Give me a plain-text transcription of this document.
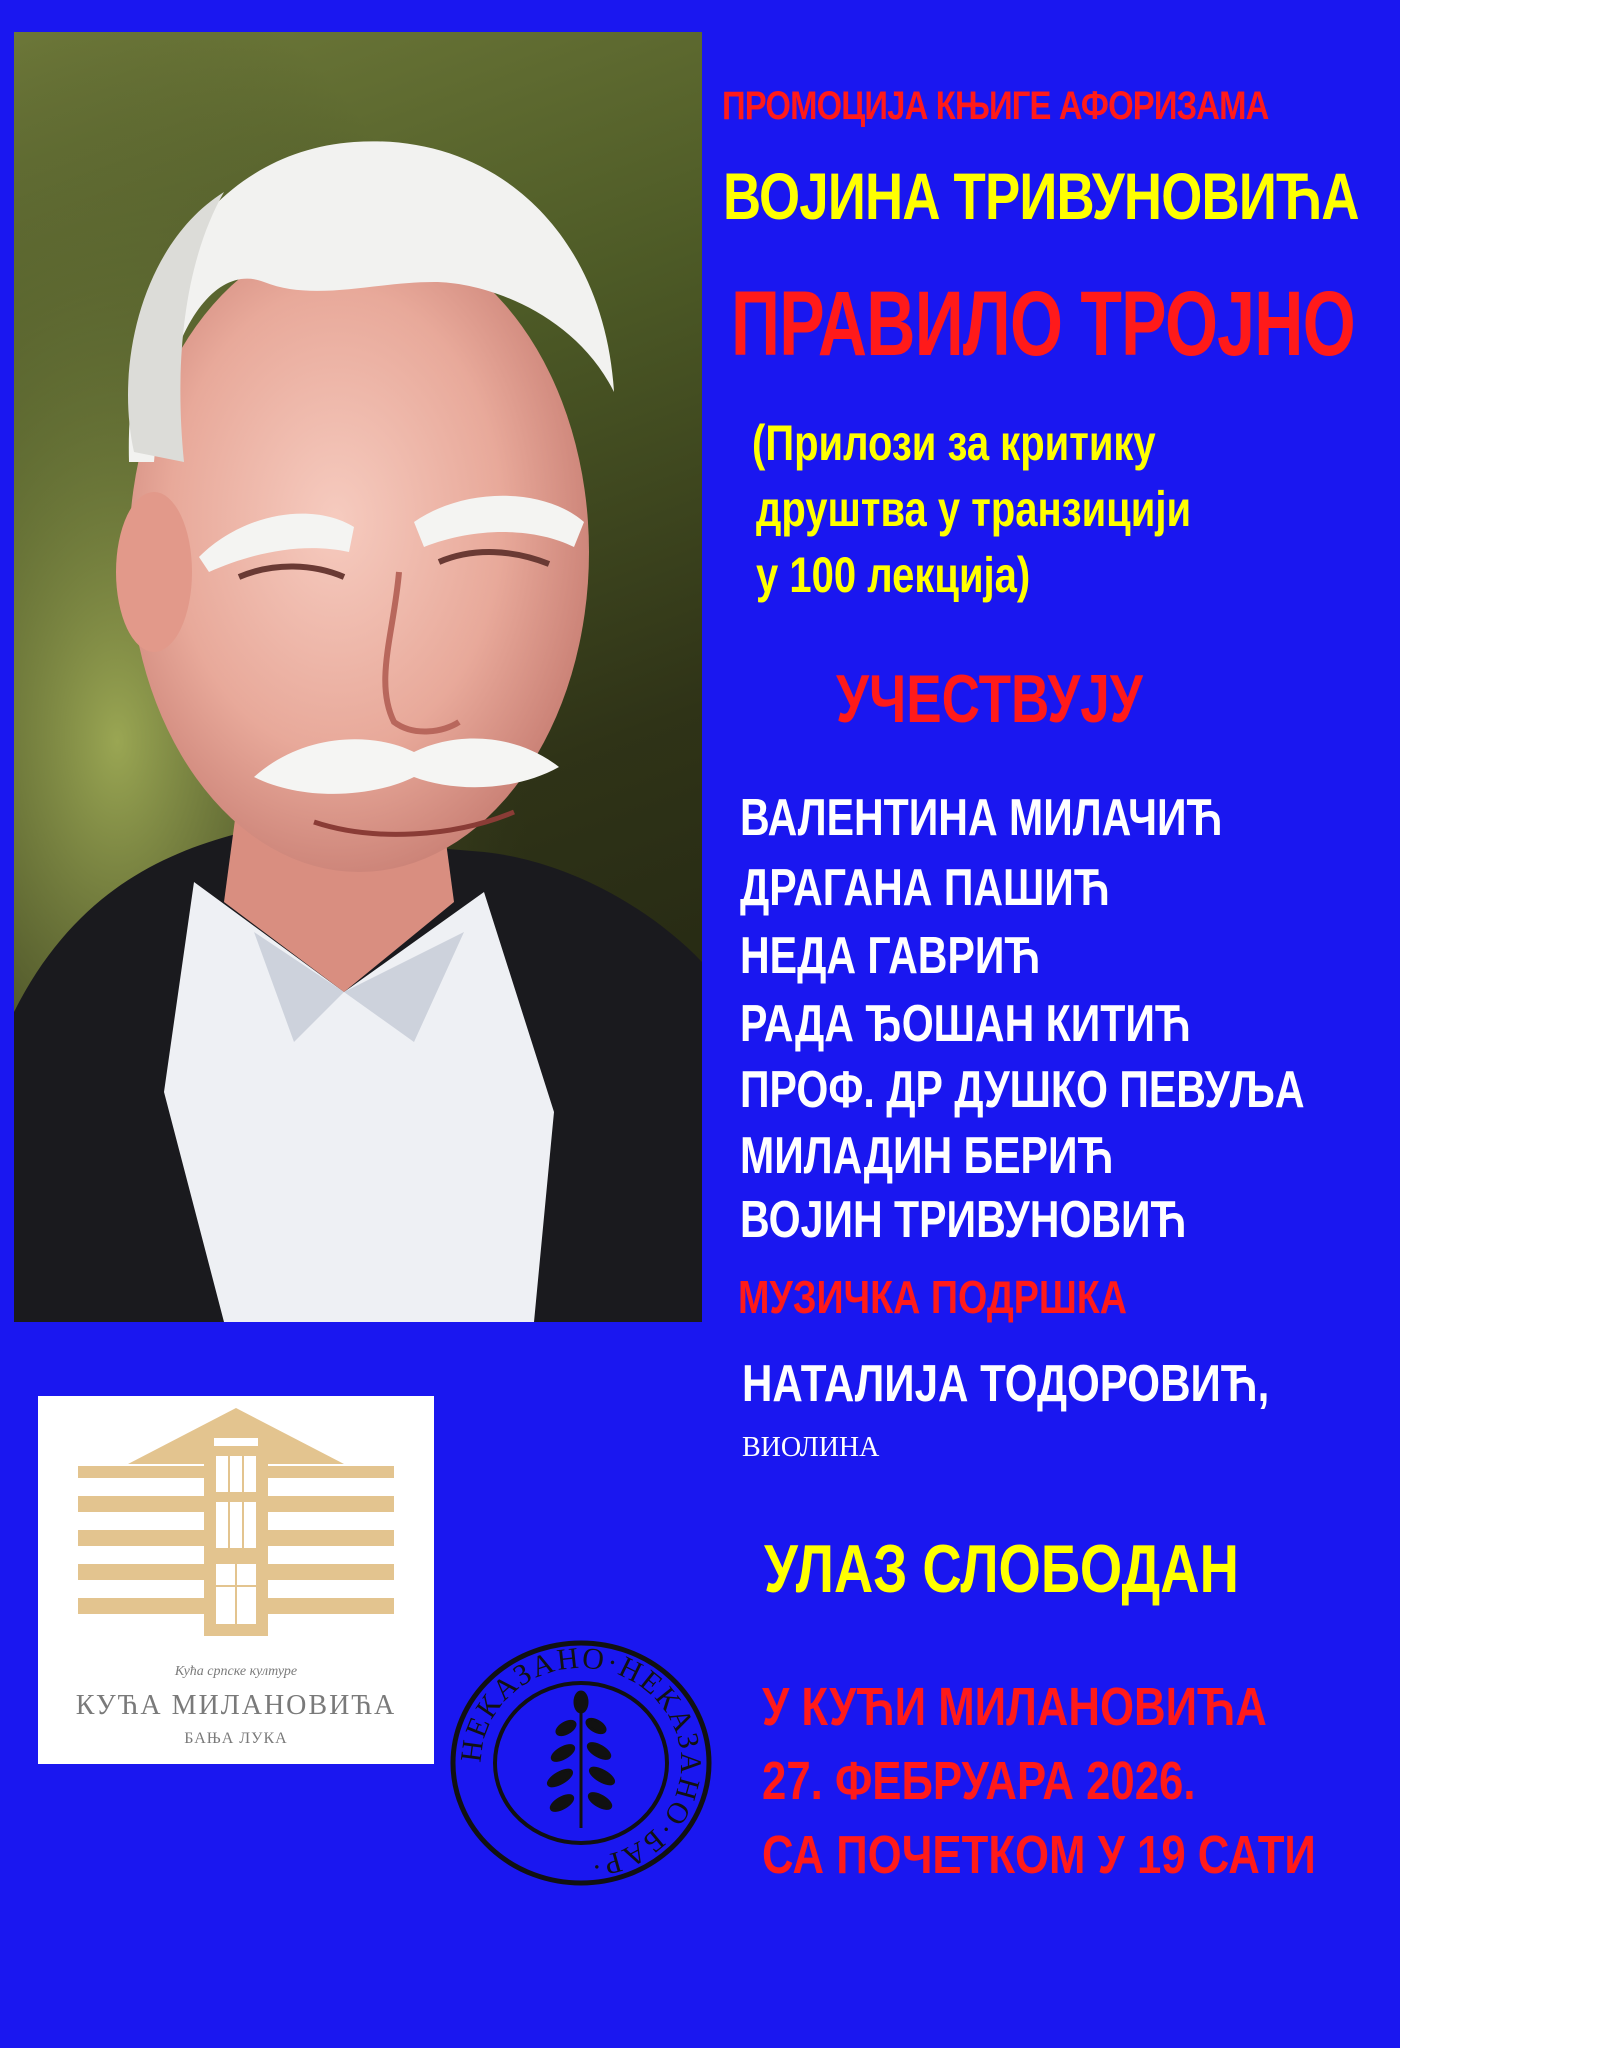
ПРОМОЦИЈА КЊИГЕ АФОРИЗАМА
ВОЈИНА ТРИВУНОВИЋА
ПРАВИЛО ТРОЈНО
(Прилози за критику
друштва у транзицији
у 100 лекција)
УЧЕСТВУЈУ
ВАЛЕНТИНА МИЛАЧИЋ
ДРАГАНА ПАШИЋ
НЕДА ГАВРИЋ
РАДА ЂОШАН КИТИЋ
ПРОФ. ДР ДУШКО ПЕВУЉА
МИЛАДИН БЕРИЋ
ВОЈИН ТРИВУНОВИЋ
МУЗИЧКА ПОДРШКА
НАТАЛИЈА ТОДОРОВИЋ,
ВИОЛИНА
УЛАЗ СЛОБОДАН
У КУЋИ МИЛАНОВИЋА
27. ФЕБРУАРА 2026.
СА ПОЧЕТКОМ У 19 САТИ
Кућа српске културе
КУЋА МИЛАНОВИЋА
БАЊА ЛУКА	НЕКАЗАНО·НЕКАЗАНО·БАР·
